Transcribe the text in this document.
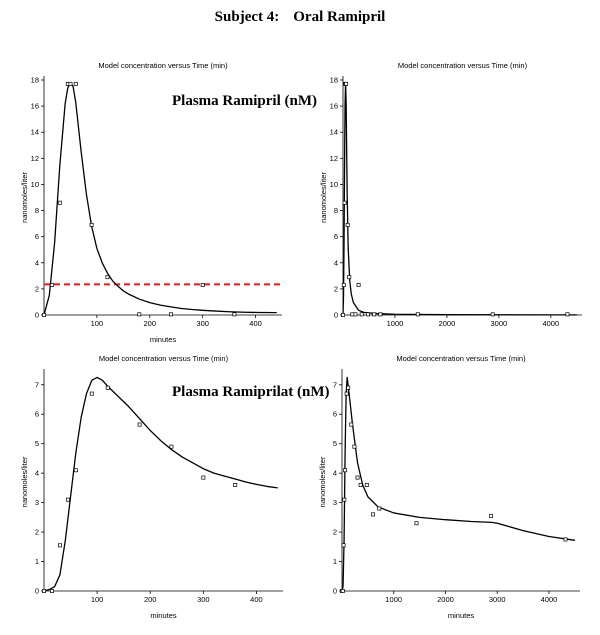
Subject 4: Oral Ramipril
Model concentration versus Time (min)
0
2
4
6
8
10
12
14
16
18
100	200	300	400
nanomoles/liter
minutes
Plasma Ramipril (nM)
Model concentration versus Time (min)
0
2
4
6
8
10
12
14
16
18
1000	2000	3000	4000
nanomoles/liter
Model concentration versus Time (min)
0
1
2
3
4
5
6
7
100	200	300	400
nanomoles/liter
minutes
Plasma Ramiprilat (nM)
Model concentration versus Time (min)
0
1
2
3
4
5
6
7
1000	2000	3000	4000
nanomoles/liter
minutes
